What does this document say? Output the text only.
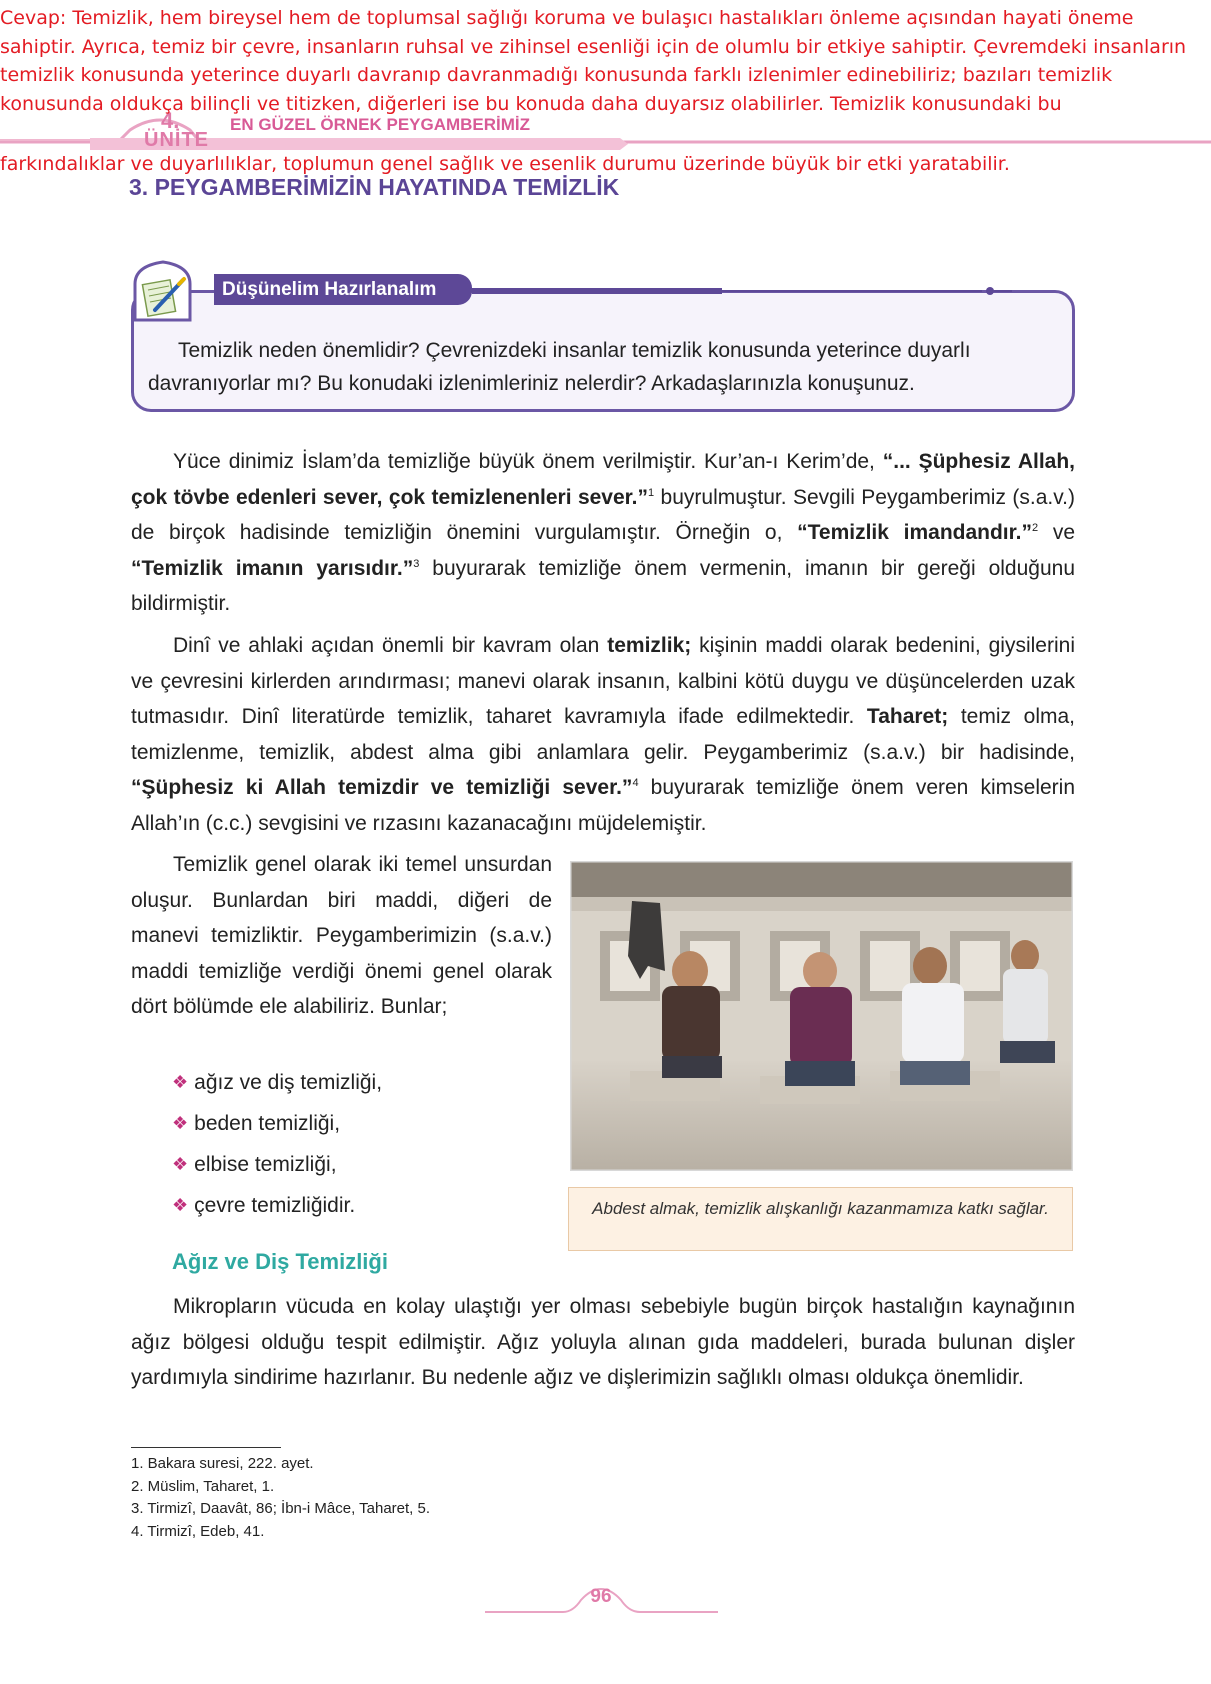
Cevap: Temizlik, hem bireysel hem de toplumsal sağlığı koruma ve bulaşıcı hastalıkları önleme açısından hayati öneme sahiptir. Ayrıca, temiz bir çevre, insanların ruhsal ve zihinsel esenliği için de olumlu bir etkiye sahiptir. Çevremdeki insanların temizlik konusunda yeterince duyarlı davranıp davranmadığı konusunda farklı izlenimler edinebiliriz; bazıları temizlik konusunda oldukça bilinçli ve titizken, diğerleri ise bu konuda daha duyarsız olabilirler. Temizlik konusundaki bu

4.
ÜNİTE
EN GÜZEL ÖRNEK PEYGAMBERİMİZ

farkındalıklar ve duyarlılıklar, toplumun genel sağlık ve esenlik durumu üzerinde büyük bir etki yaratabilir.

3. PEYGAMBERİMİZİN HAYATINDA TEMİZLİK
Düşünelim Hazırlanalım

Temizlik neden önemlidir? Çevrenizdeki insanlar temizlik konusunda yeterince duyarlı davranıyorlar mı? Bu konudaki izlenimleriniz nelerdir? Arkadaşlarınızla konuşunuz.

Yüce dinimiz İslam’da temizliğe büyük önem verilmiştir. Kur’an-ı Kerim’de, “... Şüphesiz Allah, çok tövbe edenleri sever, çok temizlenenleri sever.”$^1$ buyrulmuştur. Sevgili Peygamberimiz (s.a.v.) de birçok hadisinde temizliğin önemini vurgulamıştır. Örneğin o, “Temizlik imandandır.”$^2$ ve “Temizlik imanın yarısıdır.”$^3$ buyurarak temizliğe önem vermenin, imanın bir gereği olduğunu bildirmiştir.

Dinî ve ahlaki açıdan önemli bir kavram olan temizlik; kişinin maddi olarak bedenini, giysilerini ve çevresini kirlerden arındırması; manevi olarak insanın, kalbini kötü duygu ve düşüncelerden uzak tutmasıdır. Dinî literatürde temizlik, taharet kavramıyla ifade edilmektedir. Taharet; temiz olma, temizlenme, temizlik, abdest alma gibi anlamlara gelir. Peygamberimiz (s.a.v.) bir hadisinde, “Şüphesiz ki Allah temizdir ve temizliği sever.”$^4$ buyurarak temizliğe önem veren kimselerin Allah’ın (c.c.) sevgisini ve rızasını kazanacağını müjdelemiştir.

Temizlik genel olarak iki temel unsurdan oluşur. Bunlardan biri maddi, diğeri de manevi temizliktir. Peygamberimizin (s.a.v.) maddi temizliğe verdiği önemi genel olarak dört bölümde ele alabiliriz. Bunlar;

❖ ağız ve diş temizliği,
❖ beden temizliği,
❖ elbise temizliği,
❖ çevre temizliğidir.	Abdest almak, temizlik alışkanlığı kazanmamıza katkı sağlar.
Ağız ve Diş Temizliği

Mikropların vücuda en kolay ulaştığı yer olması sebebiyle bugün birçok hastalığın kaynağının ağız bölgesi olduğu tespit edilmiştir. Ağız yoluyla alınan gıda maddeleri, burada bulunan dişler yardımıyla sindirime hazırlanır. Bu nedenle ağız ve dişlerimizin sağlıklı olması oldukça önemlidir.

1. Bakara suresi, 222. ayet.
2. Müslim, Taharet, 1.
3. Tirmizî, Daavât, 86; İbn-i Mâce, Taharet, 5.
4. Tirmizî, Edeb, 41.
96
